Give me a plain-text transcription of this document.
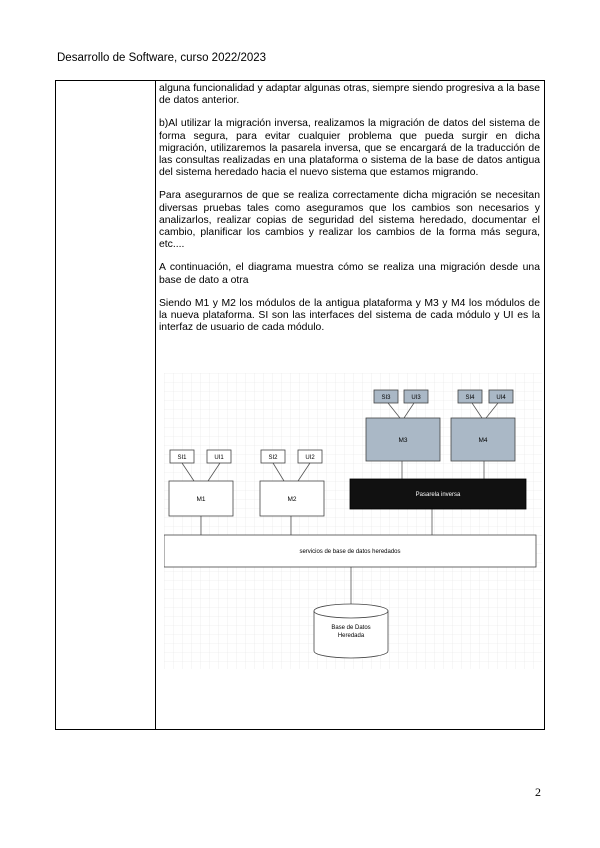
Desarrollo de Software, curso 2022/2023

alguna funcionalidad y adaptar algunas otras, siempre siendo progresiva a la base de datos anterior.

b)Al utilizar la migración inversa, realizamos la migración de datos del sistema de forma segura, para evitar cualquier problema que pueda surgir en dicha migración, utilizaremos la pasarela inversa, que se encargará de la traducción de las consultas realizadas en una plataforma o sistema de la base de datos antigua del sistema heredado hacia el nuevo sistema que estamos migrando.

Para asegurarnos de que se realiza correctamente dicha migración se necesitan diversas pruebas tales como aseguramos que los cambios son necesarios y analizarlos, realizar copias de seguridad del sistema heredado, documentar el cambio, planificar los cambios y realizar los cambios de la forma más segura, etc....

A continuación, el diagrama muestra cómo se realiza una migración desde una base de dato a otra

Siendo M1 y M2 los módulos de la antigua plataforma y M3 y M4 los módulos de la nueva plataforma. SI son las interfaces del sistema de cada módulo y UI es la interfaz de usuario de cada módulo.

SI1	UI1	SI2	UI2
SI3	UI3	SI4	UI4
M1	M2
M3	M4
Pasarela inversa
servicios de base de datos heredados
Base de Datos
Heredada
2
